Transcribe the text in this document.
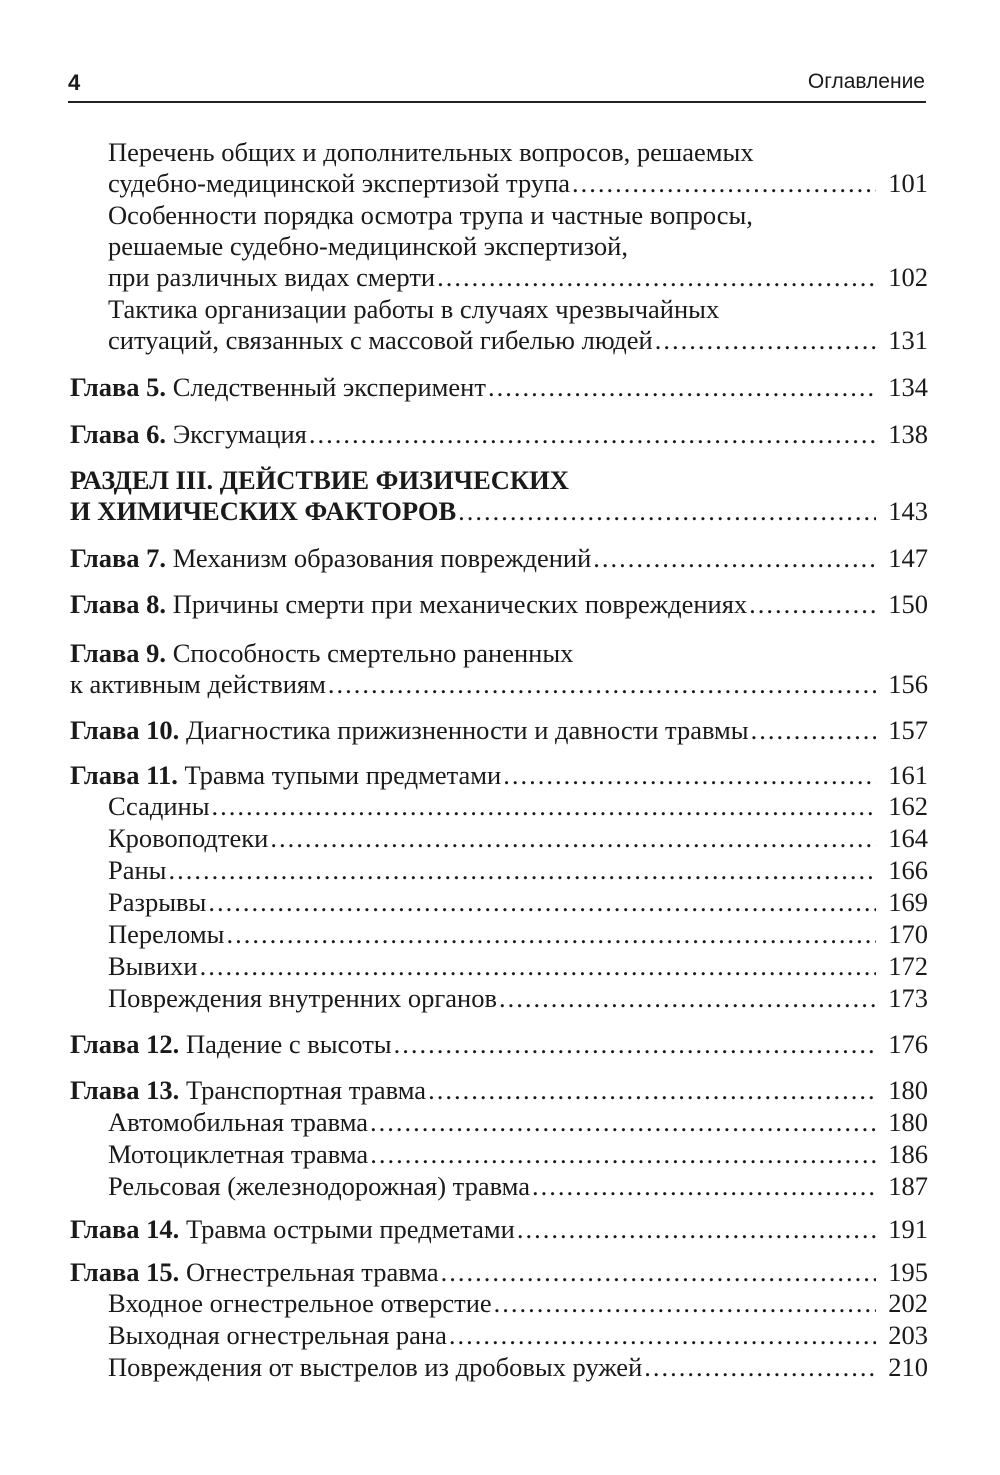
4	Оглавление
Перечень общих и дополнительных вопросов, решаемых
судебно-медицинской экспертизой трупа .....	101
Особенности порядка осмотра трупа и частные вопросы,
решаемые судебно-медицинской экспертизой,
при различных видах смерти .....	102
Тактика организации работы в случаях чрезвычайных
ситуаций, связанных с массовой гибелью людей .....	131
Глава 5. Следственный эксперимент .....	134
Глава 6. Эксгумация .....	138
РАЗДЕЛ III. ДЕЙСТВИЕ ФИЗИЧЕСКИХ
И ХИМИЧЕСКИХ ФАКТОРОВ .....	143
Глава 7. Механизм образования повреждений .....	147
Глава 8. Причины смерти при механических повреждениях .....	150
Глава 9. Способность смертельно раненных
к активным действиям .....	156
Глава 10. Диагностика прижизненности и давности травмы .....	157
Глава 11. Травма тупыми предметами .....	161
Ссадины .....	162
Кровоподтеки .....	164
Раны .....	166
Разрывы .....	169
Переломы .....	170
Вывихи .....	172
Повреждения внутренних органов .....	173
Глава 12. Падение с высоты .....	176
Глава 13. Транспортная травма .....	180
Автомобильная травма .....	180
Мотоциклетная травма .....	186
Рельсовая (железнодорожная) травма .....	187
Глава 14. Травма острыми предметами .....	191
Глава 15. Огнестрельная травма .....	195
Входное огнестрельное отверстие .....	202
Выходная огнестрельная рана .....	203
Повреждения от выстрелов из дробовых ружей .....	210
